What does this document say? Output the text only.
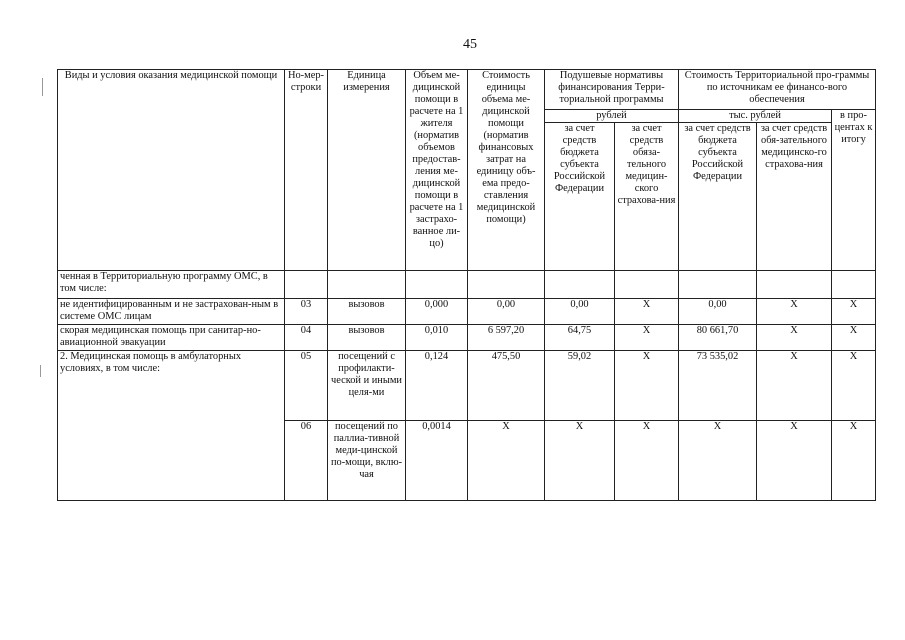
45
Виды и условия оказания медицинской помощи	Но-мер-строки	Единица измерения	Объем ме-дицинской помощи в расчете на 1 жителя (норматив объемов предостав-ления ме-дицинской помощи в расчете на 1 застрахо-ванное ли-цо)	Стоимость единицы объема ме-дицинской помощи (норматив финансовых затрат на единицу объ-ема предо-ставления медицинской помощи)	Подушевые нормативы финансирования Терри-ториальной программы		Стоимость Территориальной про-граммы по источникам ее финансо-вого обеспечения		
					рублей		тыс. рублей		в про-центах к итогу
					за счет средств бюджета субъекта Российской Федерации	за счет средств обяза-тельного медицин-ского страхова-ния	за счет средств бюджета субъекта Российской Федерации	за счет средств обя-зательного медицинско-го страхова-ния	
ченная в Территориальную программу ОМС, в том числе:									
не идентифицированным и не застрахован-ным в системе ОМС лицам	03	вызовов	0,000	0,00	0,00	Х	0,00	Х	Х
скорая медицинская помощь при санитар-но-авиационной эвакуации	04	вызовов	0,010	6 597,20	64,75	Х	80 661,70	Х	Х
2. Медицинская помощь в амбулаторных условиях, в том числе:	05	посещений с профилакти-ческой и иными целя-ми	0,124	475,50	59,02	Х	73 535,02	Х	Х
	06	посещений по паллиа-тивной меди-цинской по-мощи, вклю-чая	0,0014	Х	Х	Х	Х	Х	Х
